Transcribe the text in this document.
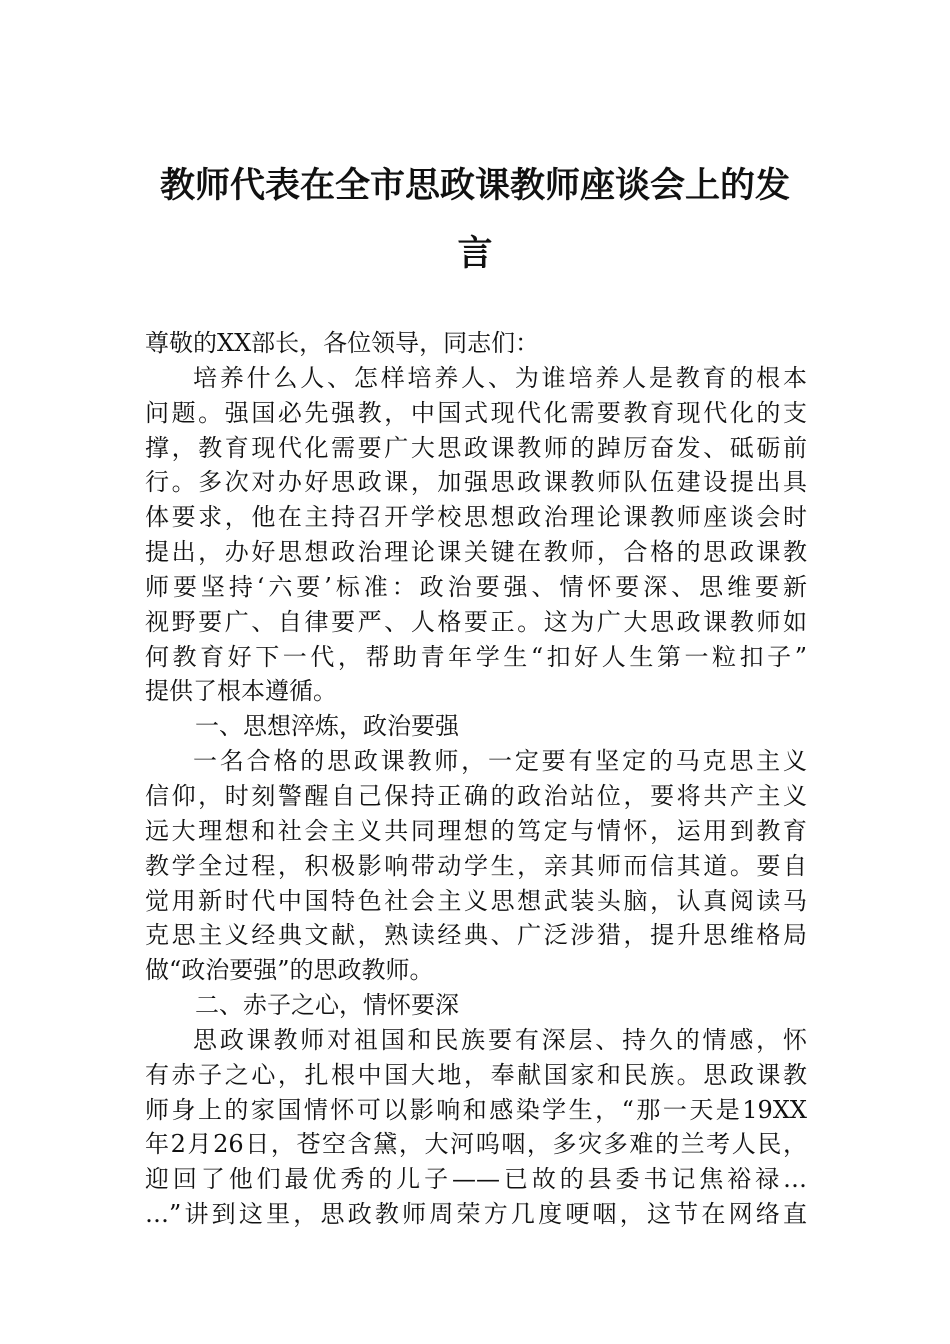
教师代表在全市思政课教师座谈会上的发
言
尊敬的XX部长，各位领导，同志们：
培养什么人、怎样培养人、为谁培养人是教育的根本
问题。强国必先强教，中国式现代化需要教育现代化的支
撑，教育现代化需要广大思政课教师的踔厉奋发、砥砺前
行。多次对办好思政课，加强思政课教师队伍建设提出具
体要求，他在主持召开学校思想政治理论课教师座谈会时
提出，办好思想政治理论课关键在教师，合格的思政课教
师要坚持‘六要’标准：政治要强、情怀要深、思维要新
视野要广、自律要严、人格要正。这为广大思政课教师如
何教育好下一代，帮助青年学生“扣好人生第一粒扣子”
提供了根本遵循。
一、思想淬炼，政治要强
一名合格的思政课教师，一定要有坚定的马克思主义
信仰，时刻警醒自己保持正确的政治站位，要将共产主义
远大理想和社会主义共同理想的笃定与情怀，运用到教育
教学全过程，积极影响带动学生，亲其师而信其道。要自
觉用新时代中国特色社会主义思想武装头脑，认真阅读马
克思主义经典文献，熟读经典、广泛涉猎，提升思维格局
做“政治要强”的思政教师。
二、赤子之心，情怀要深
思政课教师对祖国和民族要有深层、持久的情感，怀
有赤子之心，扎根中国大地，奉献国家和民族。思政课教
师身上的家国情怀可以影响和感染学生，“那一天是19XX
年2月26日，苍空含黛，大河呜咽，多灾多难的兰考人民，
迎回了他们最优秀的儿子——已故的县委书记焦裕禄…
…”讲到这里，思政教师周荣方几度哽咽，这节在网络直
